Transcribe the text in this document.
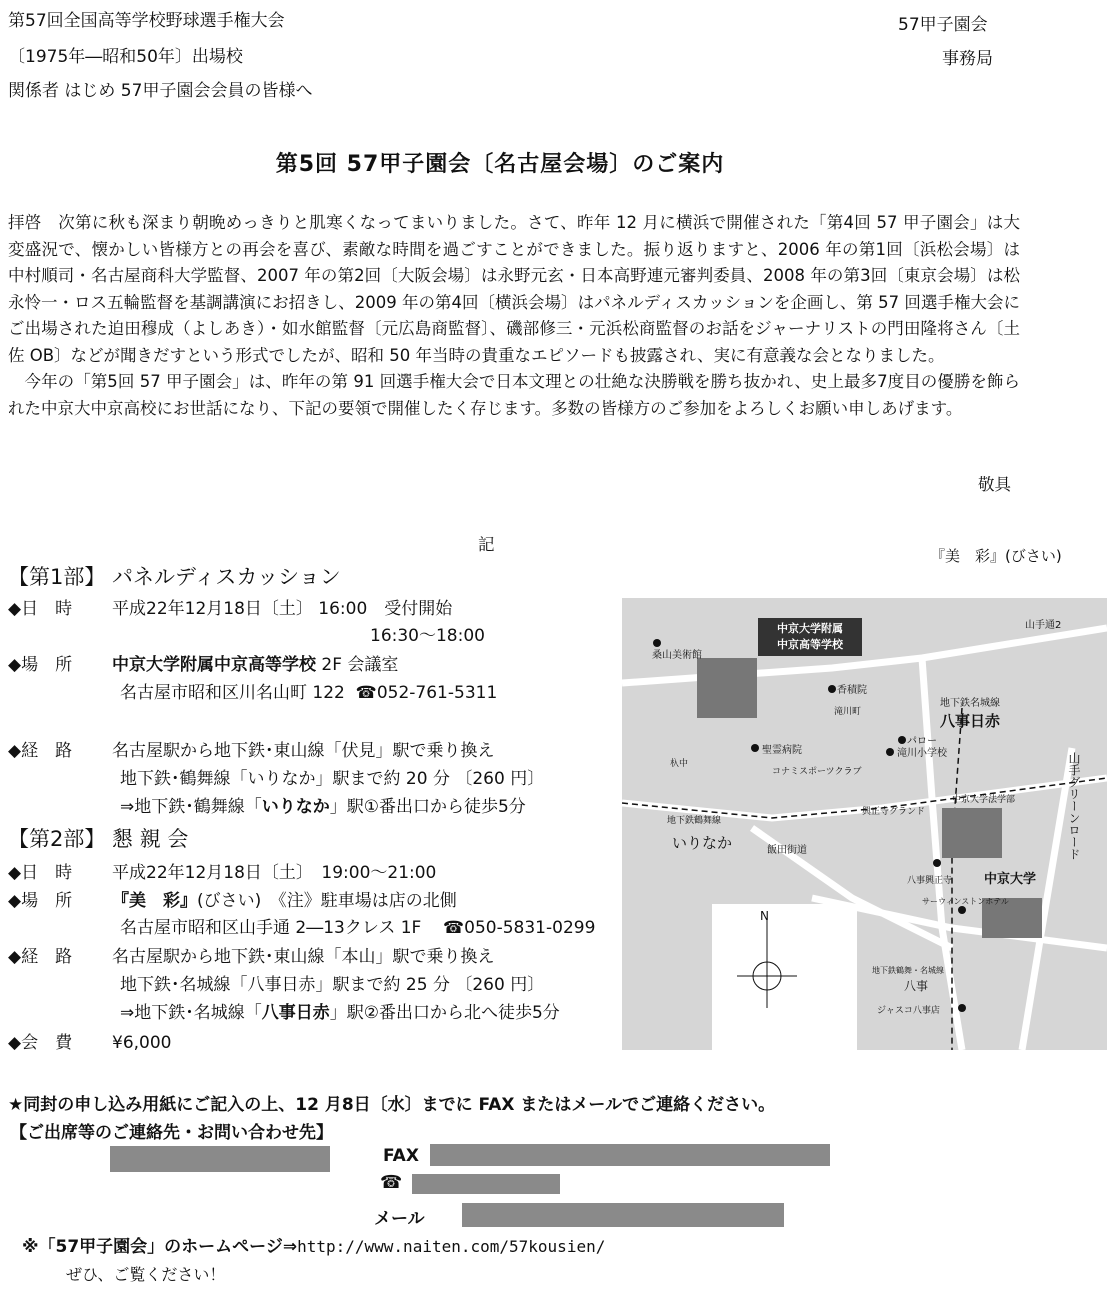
第57回全国高等学校野球選手権大会
〔1975年―昭和50年〕出場校
関係者 はじめ 57甲子園会会員の皆様へ
57甲子園会
事務局
第5回 57甲子園会〔名古屋会場〕のご案内

拝啓　次第に秋も深まり朝晩めっきりと肌寒くなってまいりました。さて、昨年 12 月に横浜で開催された「第4回 57 甲子園会」は大変盛況で、懐かしい皆様方との再会を喜び、素敵な時間を過ごすことができました。振り返りますと、2006 年の第1回〔浜松会場〕は中村順司・名古屋商科大学監督、2007 年の第2回〔大阪会場〕は永野元玄・日本高野連元審判委員、2008 年の第3回〔東京会場〕は松永怜一・ロス五輪監督を基調講演にお招きし、2009 年の第4回〔横浜会場〕はパネルディスカッションを企画し、第 57 回選手権大会にご出場された迫田穆成（よしあき）・如水館監督〔元広島商監督〕、磯部修三・元浜松商監督のお話をジャーナリストの門田隆将さん〔土佐 OB〕などが聞きだすという形式でしたが、昭和 50 年当時の貴重なエピソードも披露され、実に有意義な会となりました。

　今年の「第5回 57 甲子園会」は、昨年の第 91 回選手権大会で日本文理との壮絶な決勝戦を勝ち抜かれ、史上最多7度目の優勝を飾られた中京大中京高校にお世話になり、下記の要領で開催したく存じます。多数の皆様方のご参加をよろしくお願い申しあげます。

敬具
記
【第1部】 パネルディスカッション
◆日　時 平成22年12月18日〔土〕 16:00　受付開始
16:30～18:00
◆場　所 中京大学附属中京高等学校 2F 会議室
名古屋市昭和区川名山町 122 ☎052-761-5311
◆経　路 名古屋駅から地下鉄･東山線「伏見」駅で乗り換え
地下鉄･鶴舞線「いりなか」駅まで約 20 分 〔260 円〕
⇒地下鉄･鶴舞線「いりなか」駅①番出口から徒歩5分
【第2部】 懇 親 会
◆日　時 平成22年12月18日〔土〕　19:00～21:00
◆場　所 『美　彩』(びさい)　《注》駐車場は店の北側
名古屋市昭和区山手通 2―13クレス 1F ☎050-5831-0299
◆経　路 名古屋駅から地下鉄･東山線「本山」駅で乗り換え
地下鉄･名城線「八事日赤」駅まで約 25 分 〔260 円〕
⇒地下鉄･名城線「八事日赤」駅②番出口から北へ徒歩5分
◆会　費 ¥6,000
『美　彩』(びさい)
中京大学附属
中京高等学校
山手通2
桑山美術館
香積院
地下鉄名城線
八事日赤
滝川町
パロー
聖霊病院	滝川小学校
コナミスポーツクラブ
興正寺グランド
中京大学法学部
地下鉄鶴舞線
いりなか	飯田街道
八事興正寺 中京大学
サーウィンストンホテル
地下鉄鶴舞・名城線
八事
ジャスコ八事店
杁中
N
山手グリーンロード
★同封の申し込み用紙にご記入の上、12 月8日〔水〕までに FAX またはメールでご連絡ください。
【ご出席等のご連絡先・お問い合わせ先】
FAX
☎
メール
※「57甲子園会」のホームページ⇒http://www.naiten.com/57kousien/
ぜひ、ご覧ください！
